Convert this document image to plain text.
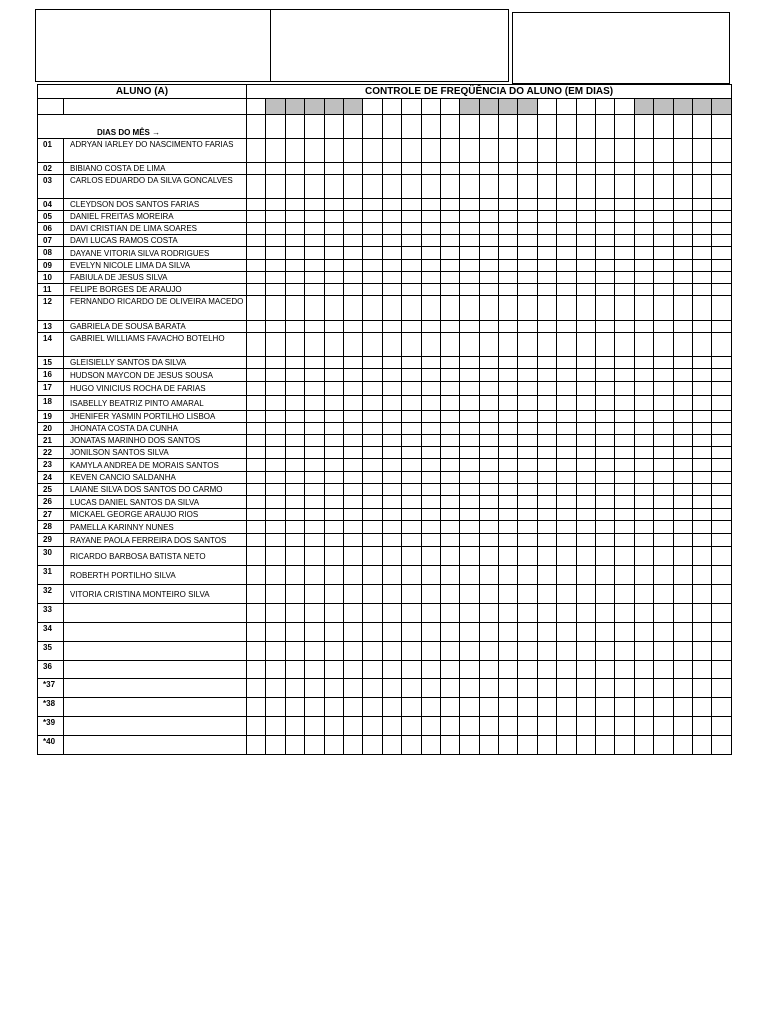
ALUNO (A)		CONTROLE DE FREQÜÊNCIA DO ALUNO (EM DIAS)																								

DIAS DO MÊS →																										
01	ADRYAN IARLEY DO NASCIMENTO FARIAS																									
02	BIBIANO COSTA DE LIMA																									
03	CARLOS EDUARDO DA SILVA GONCALVES																									
04	CLEYDSON DOS SANTOS FARIAS																									
05	DANIEL FREITAS MOREIRA																									
06	DAVI CRISTIAN DE LIMA SOARES																									
07	DAVI LUCAS RAMOS COSTA																									
08	DAYANE VITORIA SILVA RODRIGUES																									
09	EVELYN NICOLE LIMA DA SILVA																									
10	FABIULA DE JESUS SILVA																									
11	FELIPE BORGES DE ARAUJO																									
12	FERNANDO RICARDO DE OLIVEIRA MACEDO																									
13	GABRIELA DE SOUSA BARATA																									
14	GABRIEL WILLIAMS FAVACHO BOTELHO																									
15	GLEISIELLY SANTOS DA SILVA																									
16	HUDSON MAYCON DE JESUS SOUSA																									
17	HUGO VINICIUS ROCHA DE FARIAS																									
18	ISABELLY BEATRIZ PINTO AMARAL																									
19	JHENIFER YASMIN PORTILHO LISBOA																									
20	JHONATA COSTA DA CUNHA																									
21	JONATAS MARINHO DOS SANTOS																									
22	JONILSON SANTOS SILVA																									
23	KAMYLA ANDREA DE MORAIS SANTOS																									
24	KEVEN CANCIO SALDANHA																									
25	LAIANE SILVA DOS SANTOS DO CARMO																									
26	LUCAS DANIEL SANTOS DA SILVA																									
27	MICKAEL GEORGE ARAUJO RIOS																									
28	PAMELLA KARINNY NUNES																									
29	RAYANE PAOLA FERREIRA DOS SANTOS																									
30	RICARDO BARBOSA BATISTA NETO																									
31	ROBERTH PORTILHO SILVA																									
32	VITORIA CRISTINA MONTEIRO SILVA																									
33																										
34																										
35																										
36																										
*37																										
*38																										
*39																										
*40																										
